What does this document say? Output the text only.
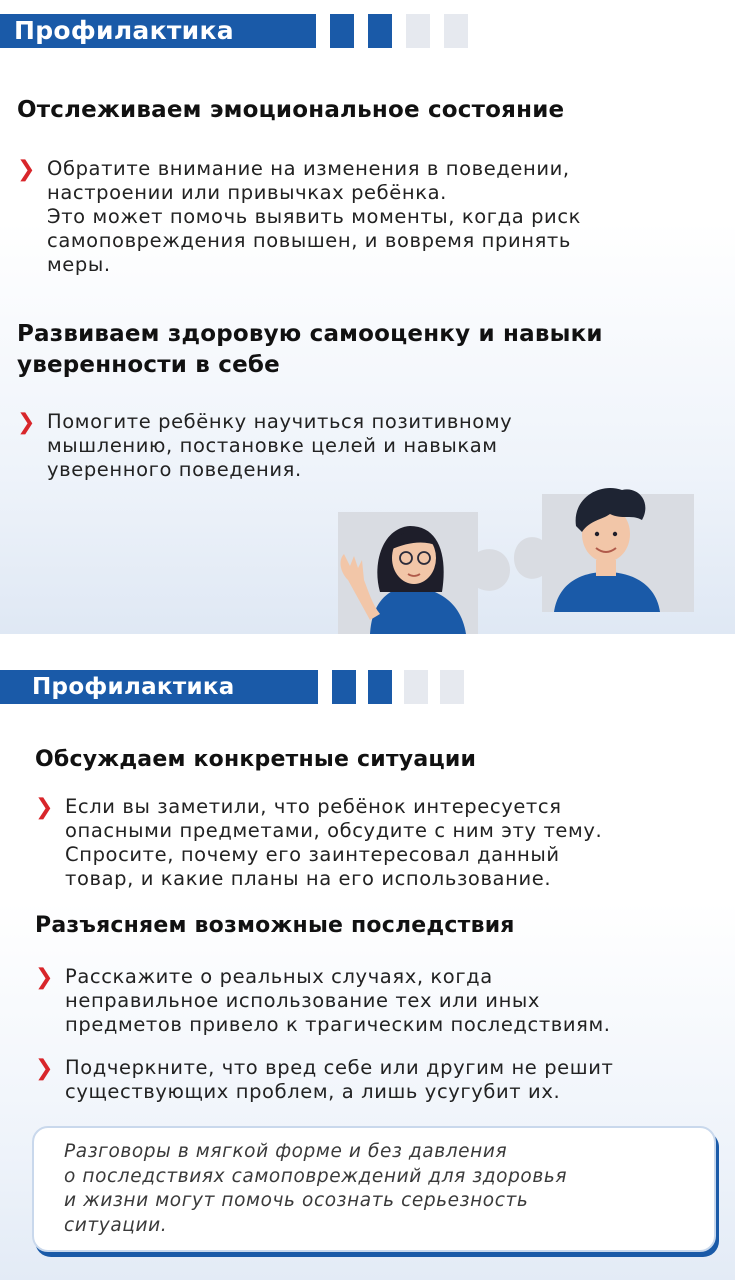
Профилактика
Отслеживаем эмоциональное состояние
❯ Обратите внимание на изменения в поведении,
настроении или привычках ребёнка.
Это может помочь выявить моменты, когда риск
самоповреждения повышен, и вовремя принять
меры.
Развиваем здоровую самооценку и навыки
уверенности в себе
❯ Помогите ребёнку научиться позитивному
мышлению, постановке целей и навыкам
уверенного поведения.
Профилактика
Обсуждаем конкретные ситуации
❯ Если вы заметили, что ребёнок интересуется
опасными предметами, обсудите с ним эту тему.
Спросите, почему его заинтересовал данный
товар, и какие планы на его использование.
Разъясняем возможные последствия
❯ Расскажите о реальных случаях, когда
неправильное использование тех или иных
предметов привело к трагическим последствиям.
❯ Подчеркните, что вред себе или другим не решит
существующих проблем, а лишь усугубит их.
Разговоры в мягкой форме и без давления
о последствиях самоповреждений для здоровья
и жизни могут помочь осознать серьезность
ситуации.
